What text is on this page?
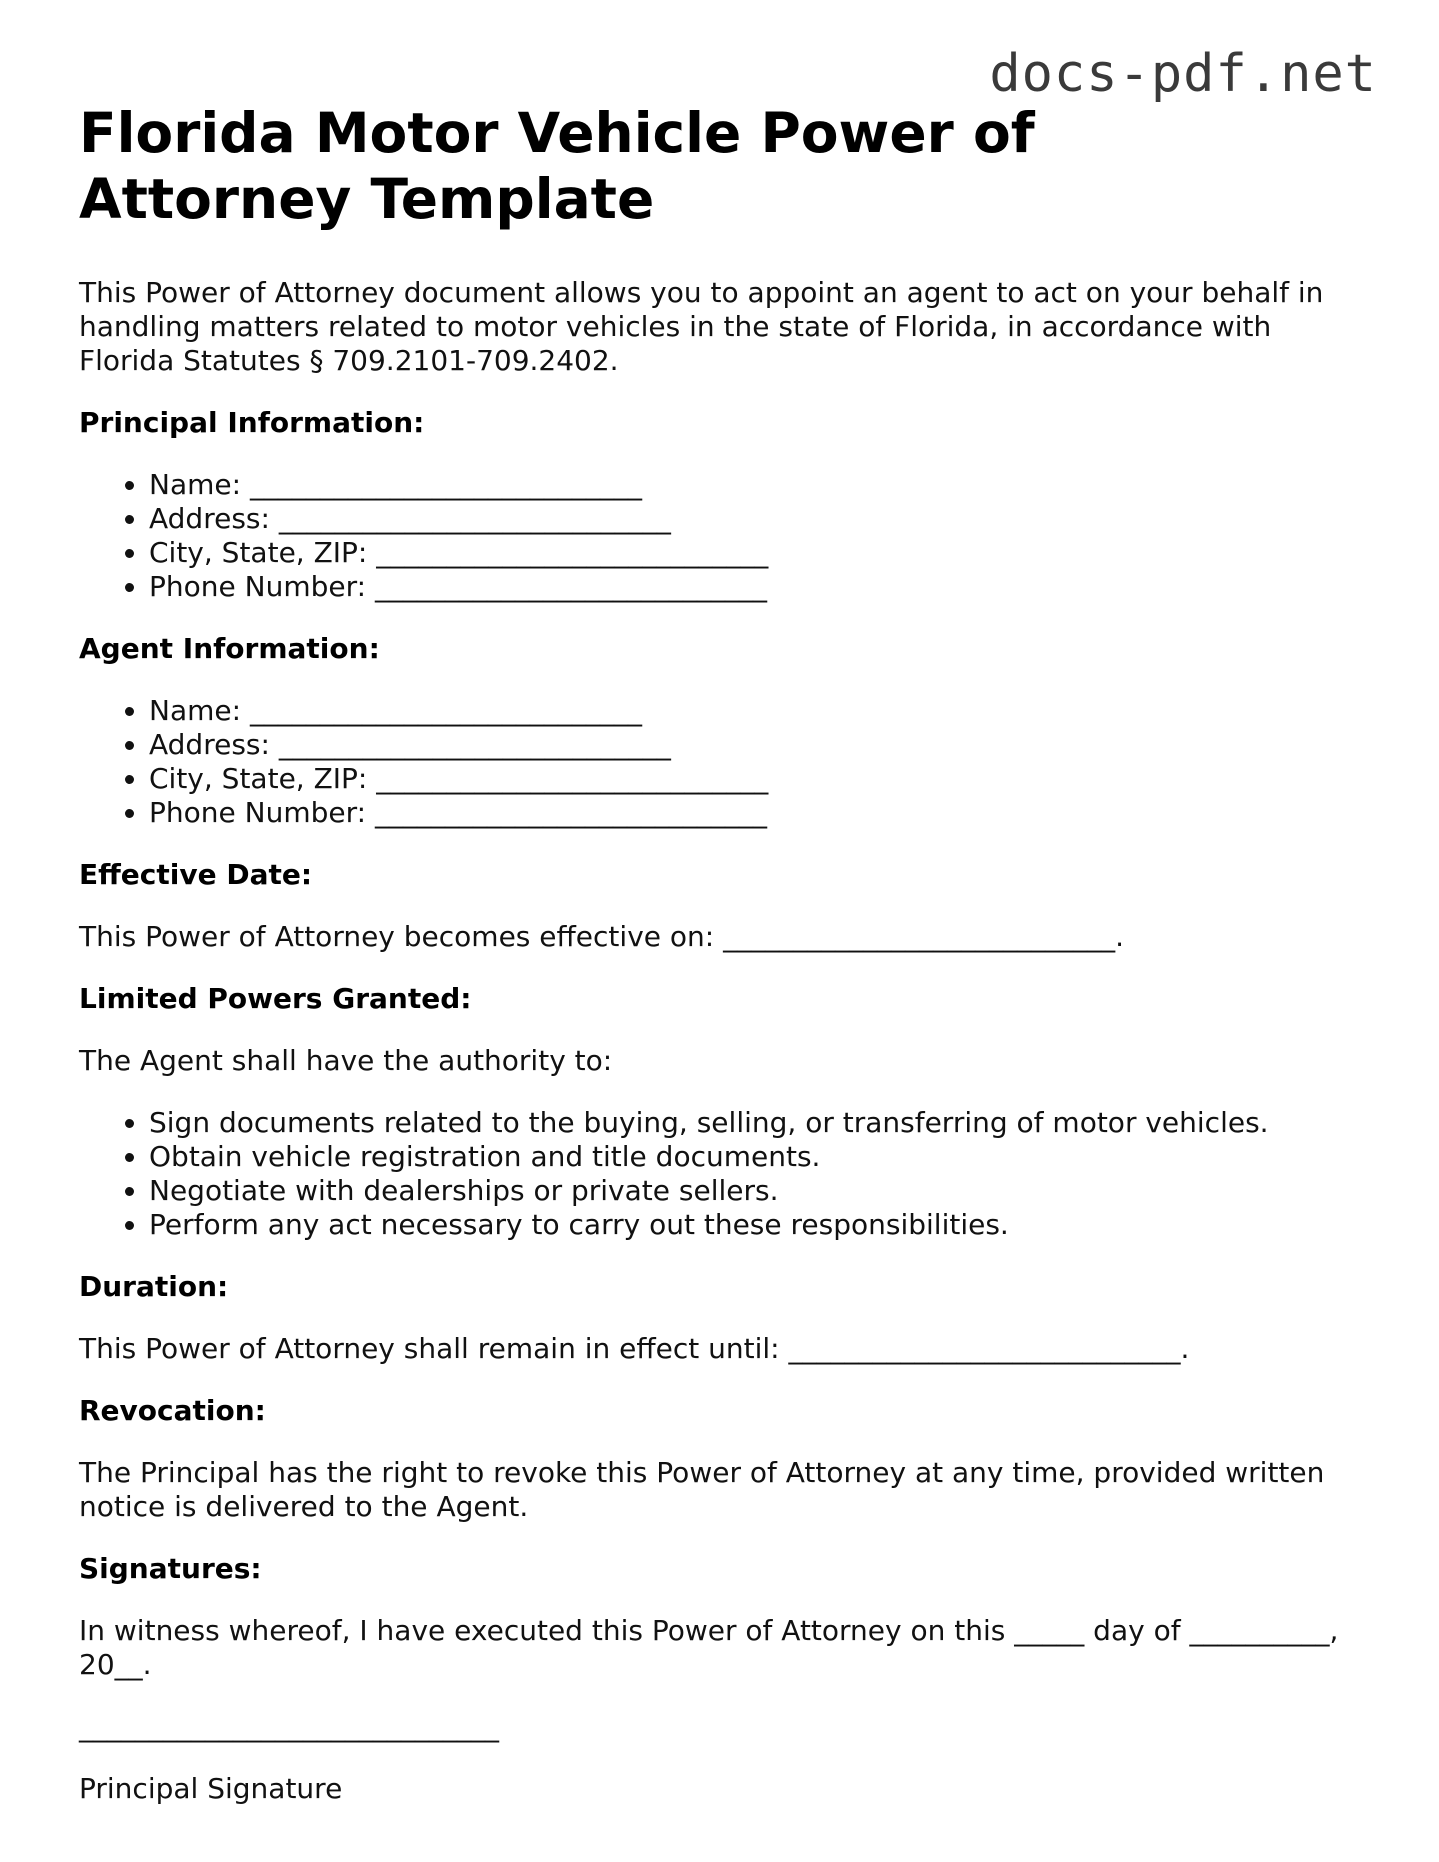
docs-pdf.net
Florida Motor Vehicle Power of Attorney Template

This Power of Attorney document allows you to appoint an agent to act on your behalf in handling matters related to motor vehicles in the state of Florida, in accordance with Florida Statutes § 709.2101-709.2402.

Principal Information:
• Name: ____________________________
• Address: ____________________________
• City, State, ZIP: ____________________________
• Phone Number: ____________________________
Agent Information:
• Name: ____________________________
• Address: ____________________________
• City, State, ZIP: ____________________________
• Phone Number: ____________________________
Effective Date:

This Power of Attorney becomes effective on: ____________________________.

Limited Powers Granted:

The Agent shall have the authority to:

• Sign documents related to the buying, selling, or transferring of motor vehicles.
• Obtain vehicle registration and title documents.
• Negotiate with dealerships or private sellers.
• Perform any act necessary to carry out these responsibilities.
Duration:

This Power of Attorney shall remain in effect until: ____________________________.

Revocation:

The Principal has the right to revoke this Power of Attorney at any time, provided written notice is delivered to the Agent.

Signatures:

In witness whereof, I have executed this Power of Attorney on this _____ day of __________, 20__.

______________________________

Principal Signature
